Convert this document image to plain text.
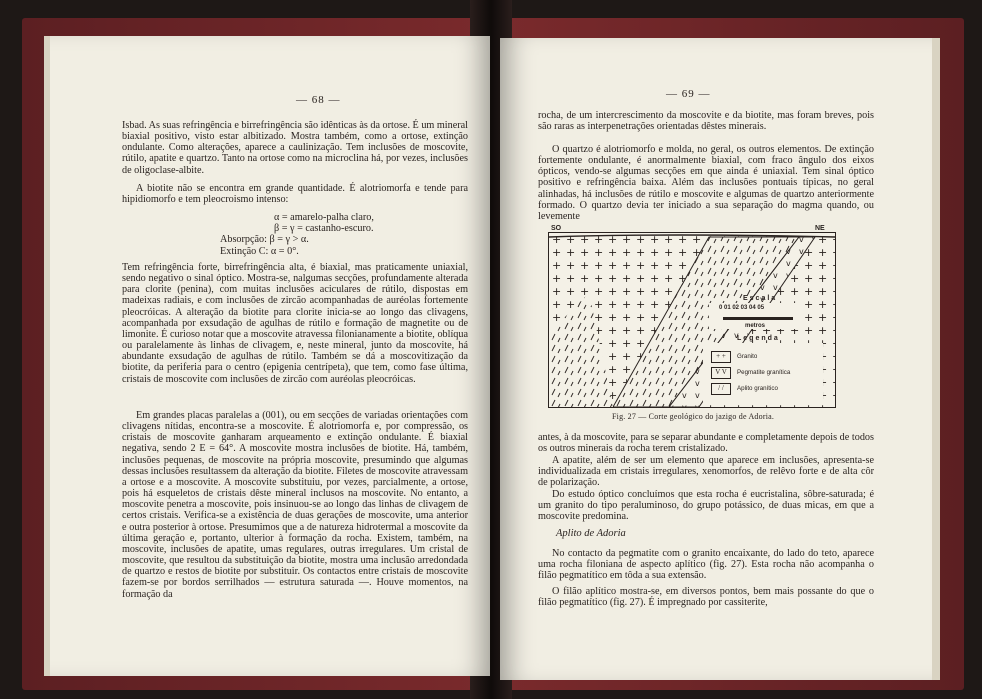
— 68 —

Isbad. As suas refringência e birrefringência são idênticas às da ortose. É um mineral biaxial positivo, visto estar albitizado. Mostra também, como a ortose, extinção ondulante. Como alterações, aparece a caulinização. Tem inclusões de moscovite, rútilo, apatite e quartzo. Tanto na ortose como na microclina há, por vezes, inclusões de oligoclase-albite.

A biotite não se encontra em grande quantidade. É alotriomorfa e tende para hipidiomorfo e tem pleocroismo intenso:

α = amarelo-palha claro,
β = γ = castanho-escuro.
Absorpção: β = γ > α.
Extinção C: α = 0°.

Tem refringência forte, birrefringência alta, é biaxial, mas praticamente uniaxial, sendo negativo o sinal óptico. Mostra-se, nalgumas secções, profundamente alterada para clorite (penina), com muitas inclusões aciculares de rútilo, dispostas em madeixas radiais, e com inclusões de zircão acompanhadas de auréolas fortemente pleocróicas. A alteração da biotite para clorite inicia-se ao longo das clivagens, acompanhada por exsudação de agulhas de rútilo e formação de magnetite ou de limonite. É curioso notar que a moscovite atravessa filonianamente a biotite, oblíqua ou paralelamente às linhas de clivagem, e, neste mineral, junto da moscovite, há abundante exsudação de agulhas de rútilo. Também se dá a moscovitização da biotite, da periferia para o centro (epigenia centrípeta), que tem, como fase última, cristais de moscovite com inclusões de zircão com auréolas pleocróicas.

Em grandes placas paralelas a (001), ou em secções de variadas orientações com clivagens nítidas, encontra-se a moscovite. É alotriomorfa e, por compressão, os cristais de moscovite ganharam arqueamento e extinção ondulante. É biaxial negativa, sendo 2 E = 64°. A moscovite mostra inclusões de biotite. Há, também, inclusões pequenas, de moscovite na própria moscovite, presumindo que algumas dessas inclusões resultassem da alteração da biotite. Filetes de moscovite atravessam a ortose e a moscovite. A moscovite substituiu, por vezes, parcialmente, a ortose, pois há esqueletos de cristais dêste mineral inclusos na moscovite. No entanto, a moscovite penetra a moscovite, pois insinuou-se ao longo das linhas de clivagem de certos cristais. Verifica-se a existência de duas gerações de moscovite, uma anterior e outra posterior à ortose. Presumimos que a de natureza hidrotermal a moscovite da última geração e, portanto, ulterior à formação da rocha. Existem, também, na moscovite, inclusões de apatite, umas regulares, outras irregulares. Um cristal de moscovite, que resultou da substituição da biotite, mostra uma inclusão arredondada de quartzo e restos de biotite por substituir. Os contactos entre cristais de moscovite fazem-se por bordos serrilhados — estrutura saturada —. Houve momentos, na formação da

— 69 —

rocha, de um intercrescimento da moscovite e da biotite, mas foram breves, pois são raras as interpenetrações orientadas dêstes minerais.

O quartzo é alotriomorfo e molda, no geral, os outros elementos. De extinção fortemente ondulante, é anormalmente biaxial, com fraco ângulo dos eixos ópticos, vendo-se algumas secções em que ainda é uniaxial. Tem sinal óptico positivo e refringência baixa. Além das inclusões pontuais típicas, no geral alinhadas, há inclusões de rútilo e moscovite e algumas de quartzo anteriormente formado. O quartzo devia ter iniciado a sua separação do magma quando, ou levemente

SO	NE
Escala
0 01 02 03 04 05
metros
Legenda
+ +	Granito
V V	Pegmatite granítica
/ /	Aplito granítico
Fig. 27 — Corte geológico do jazigo de Adoria.

antes, à da moscovite, para se separar abundante e completamente depois de todos os outros minerais da rocha terem cristalizado.

A apatite, além de ser um elemento que aparece em inclusões, apresenta-se individualizada em cristais irregulares, xenomorfos, de relêvo forte e de alta côr de polarização.

Do estudo óptico concluímos que esta rocha é eucristalina, sôbre-saturada; é um granito do tipo peraluminoso, do grupo potássico, de duas micas, em que a moscovite predomina.

Aplito de Adoria

No contacto da pegmatite com o granito encaixante, do lado do teto, aparece uma rocha filoniana de aspecto aplítico (fig. 27). Esta rocha não acompanha o filão pegmatítico em tôda a sua extensão.

O filão aplítico mostra-se, em diversos pontos, bem mais possante do que o filão pegmatítico (fig. 27). É impregnado por cassiterite,
